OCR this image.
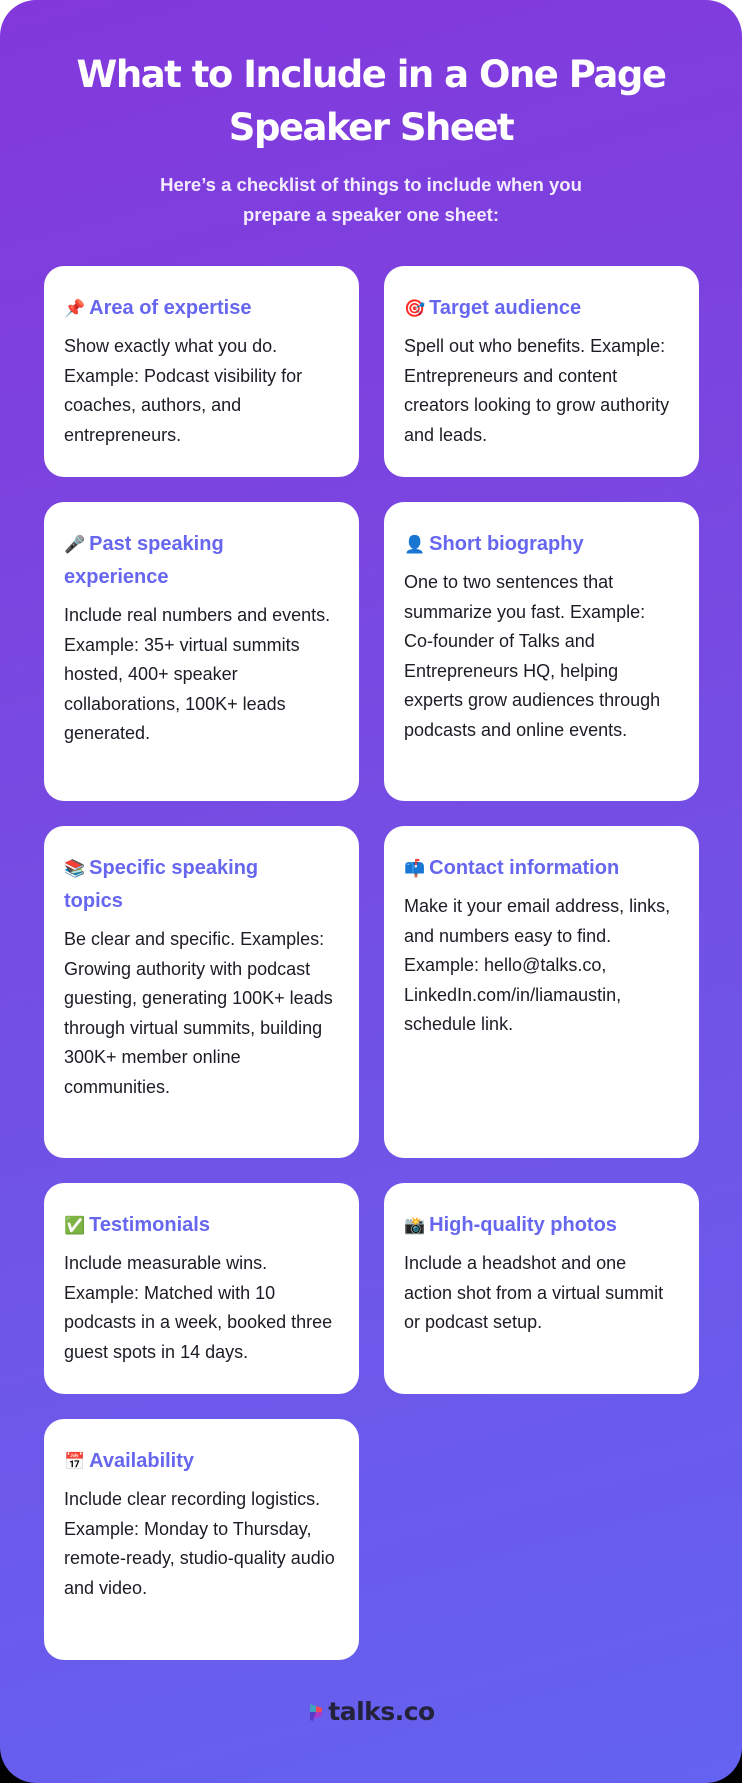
What to Include in a One Page
Speaker Sheet
Here’s a checklist of things to include when you
prepare a speaker one sheet:
📌 Area of expertise
Show exactly what you do. Example: Podcast visibility for coaches, authors, and entrepreneurs.
🎯 Target audience
Spell out who benefits. Example: Entrepreneurs and content creators looking to grow authority and leads.
🎤 Past speaking experience
Include real numbers and events. Example: 35+ virtual summits hosted, 400+ speaker collaborations, 100K+ leads generated.
👤 Short biography
One to two sentences that summarize you fast. Example: Co-founder of Talks and Entrepreneurs HQ, helping experts grow audiences through podcasts and online events.
📚 Specific speaking topics
Be clear and specific. Examples: Growing authority with podcast guesting, generating 100K+ leads through virtual summits, building 300K+ member online communities.
📫 Contact information
Make it your email address, links, and numbers easy to find. Example: hello@talks.co, LinkedIn.com/in/liamaustin, schedule link.
✅ Testimonials
Include measurable wins. Example: Matched with 10 podcasts in a week, booked three guest spots in 14 days.
📸 High-quality photos
Include a headshot and one action shot from a virtual summit or podcast setup.
📅 Availability
Include clear recording logistics. Example: Monday to Thursday, remote-ready, studio-quality audio and video.
talks.co
